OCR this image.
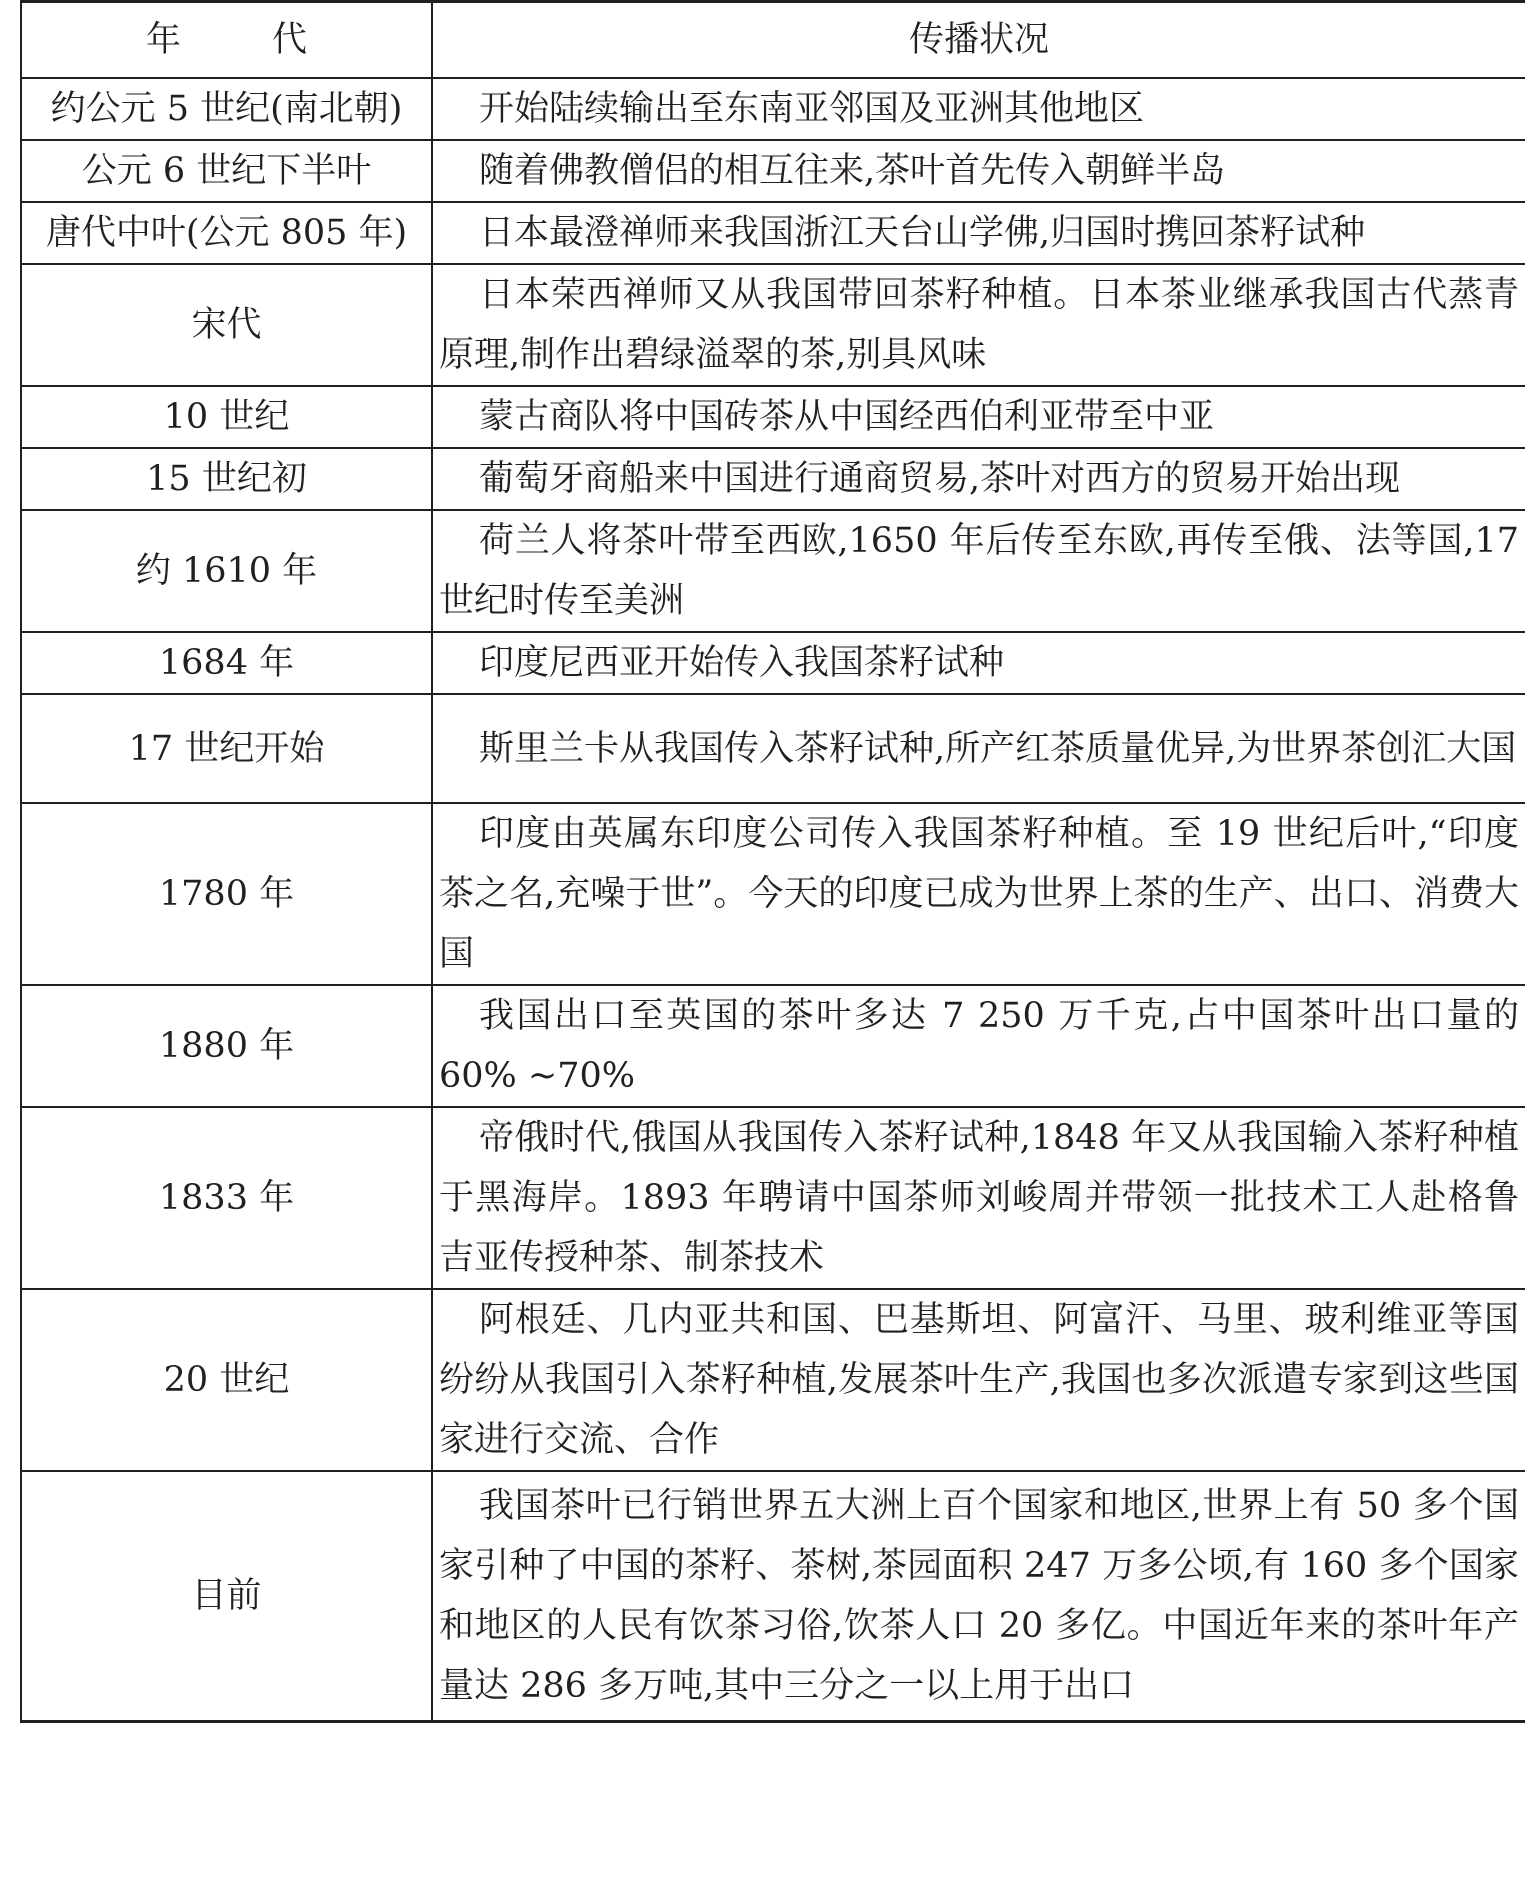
年 代	传播状况
约公元 5 世纪(南北朝)	开始陆续输出至东南亚邻国及亚洲其他地区
公元 6 世纪下半叶	随着佛教僧侣的相互往来,茶叶首先传入朝鲜半岛
唐代中叶(公元 805 年)	日本最澄禅师来我国浙江天台山学佛,归国时携回茶籽试种
宋代	日本荣西禅师又从我国带回茶籽种植。日本茶业继承我国古代蒸青原理,制作出碧绿溢翠的茶,别具风味
10 世纪	蒙古商队将中国砖茶从中国经西伯利亚带至中亚
15 世纪初	葡萄牙商船来中国进行通商贸易,茶叶对西方的贸易开始出现
约 1610 年	荷兰人将茶叶带至西欧,1650 年后传至东欧,再传至俄、法等国,17 世纪时传至美洲
1684 年	印度尼西亚开始传入我国茶籽试种
17 世纪开始	斯里兰卡从我国传入茶籽试种,所产红茶质量优异,为世界茶创汇大国
1780 年	印度由英属东印度公司传入我国茶籽种植。至 19 世纪后叶,“印度茶之名,充噪于世”。今天的印度已成为世界上茶的生产、出口、消费大国
1880 年	我国出口至英国的茶叶多达 7 250 万千克,占中国茶叶出口量的 60% ~70%
1833 年	帝俄时代,俄国从我国传入茶籽试种,1848 年又从我国输入茶籽种植于黑海岸。1893 年聘请中国茶师刘峻周并带领一批技术工人赴格鲁吉亚传授种茶、制茶技术
20 世纪	阿根廷、几内亚共和国、巴基斯坦、阿富汗、马里、玻利维亚等国纷纷从我国引入茶籽种植,发展茶叶生产,我国也多次派遣专家到这些国家进行交流、合作
目前	我国茶叶已行销世界五大洲上百个国家和地区,世界上有 50 多个国家引种了中国的茶籽、茶树,茶园面积 247 万多公顷,有 160 多个国家和地区的人民有饮茶习俗,饮茶人口 20 多亿。中国近年来的茶叶年产量达 286 多万吨,其中三分之一以上用于出口
